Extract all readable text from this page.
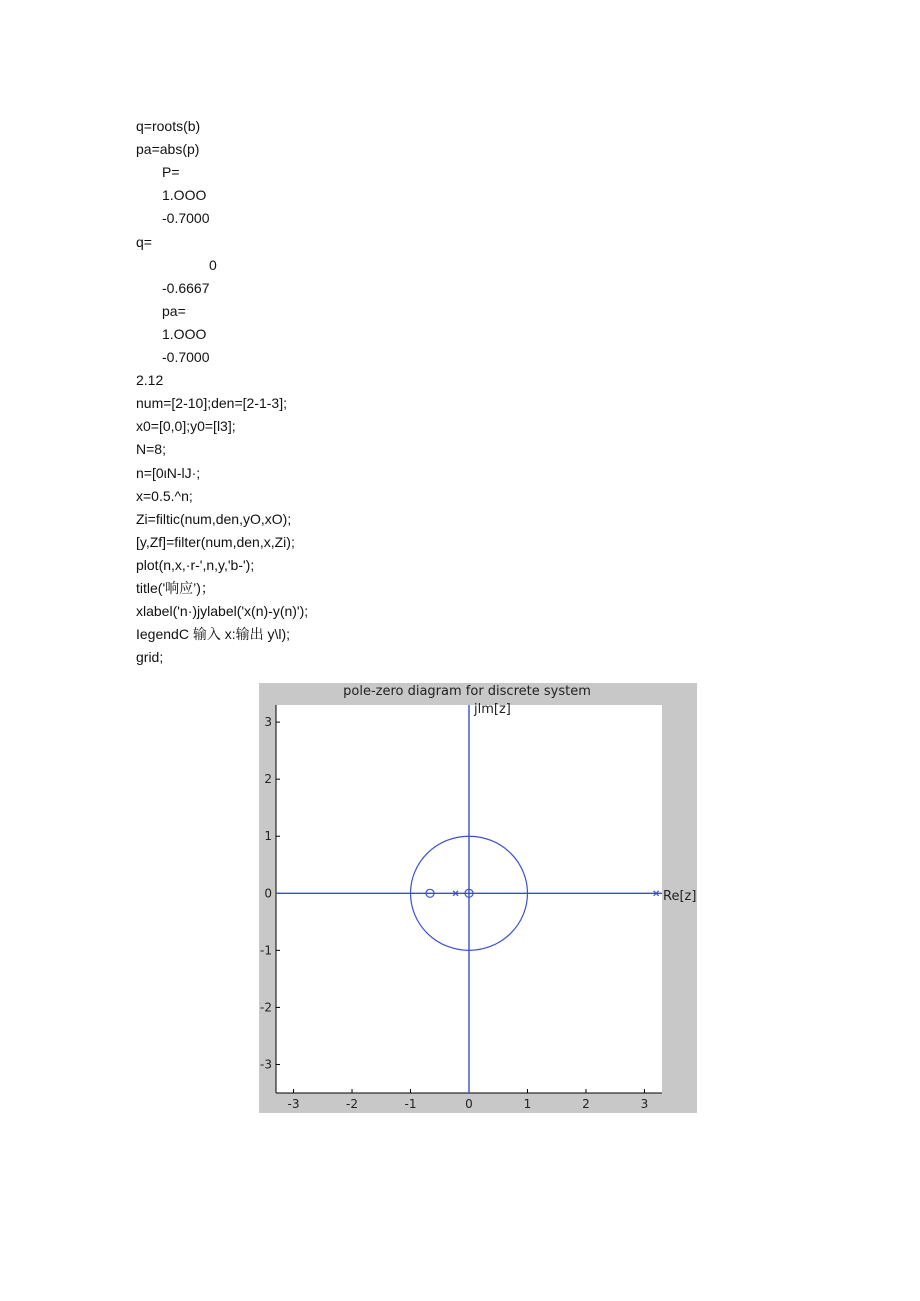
q=roots(b)
pa=abs(p)
P=
1.OOO
-0.7000
q=
0
-0.6667
pa=
1.OOO
-0.7000
2.12
num=[2-10];den=[2-1-3];
x0=[0,0];y0=[l3];
N=8;
n=[0ιN-lJ·;
x=0.5.^n;
Zi=filtic(num,den,yO,xO);
[y,Zf]=filter(num,den,x,Zi);
plot(n,x,·r-',n,y,'b-');
title('响应’)；
xlabel('n·)jylabel('x(n)-y(n)');
IegendC 输入 x:输出 y\l);
grid;
pole-zero diagram for discrete system
-3	-2	-1	0	1	2	3
3
2
1
0
-1
-2
-3
jlm[z]
Re[z]
